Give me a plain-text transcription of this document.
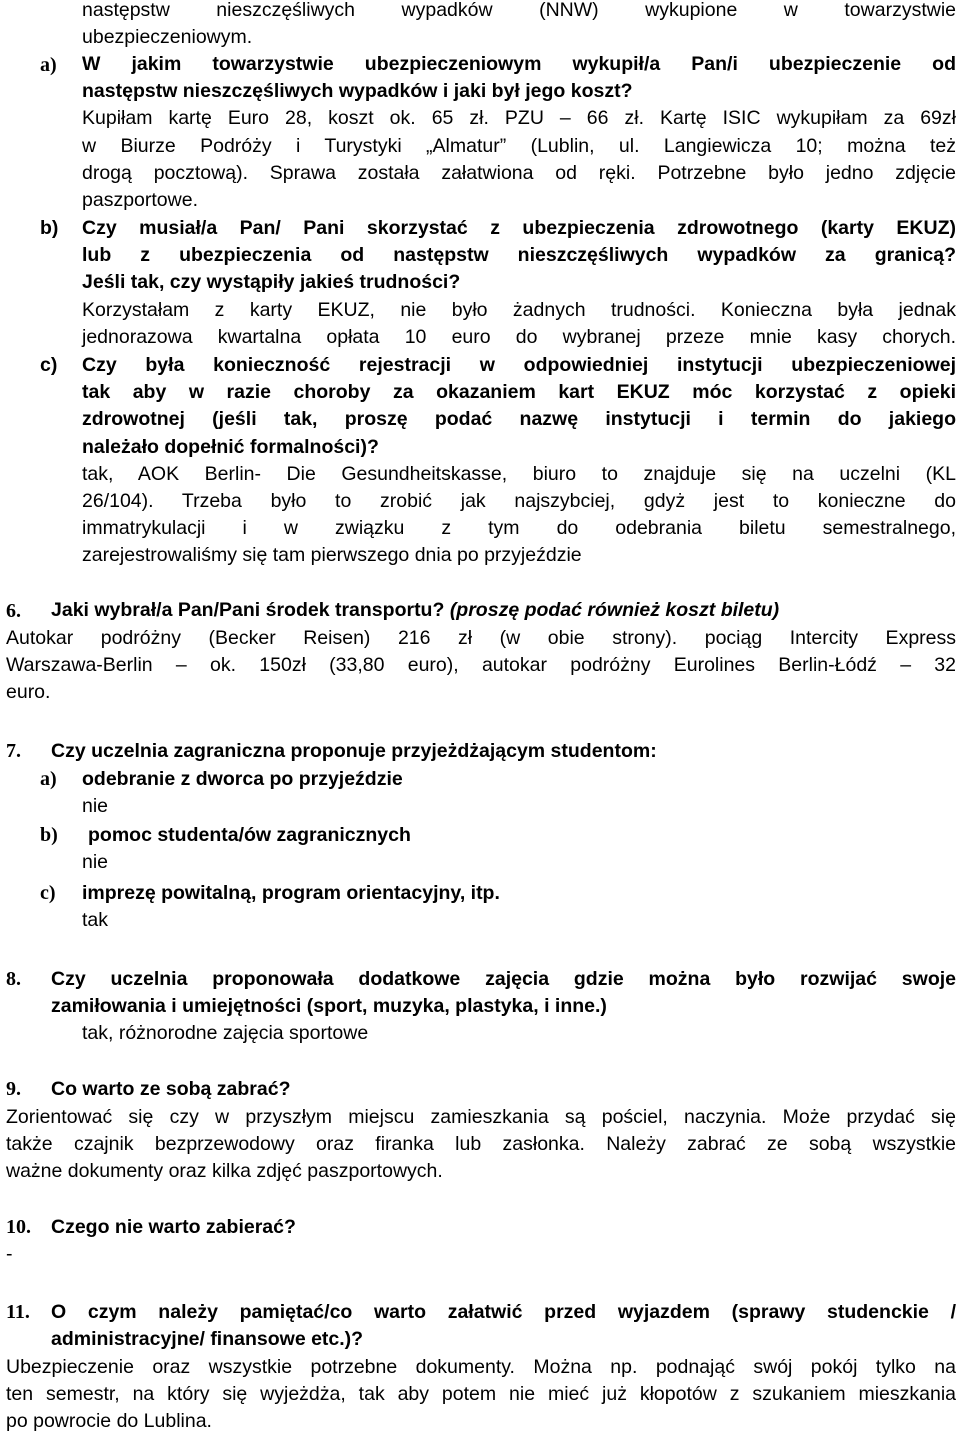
następstw nieszczęśliwych wypadków (NNW) wykupione w towarzystwie
ubezpieczeniowym.
a) W jakim towarzystwie ubezpieczeniowym wykupił/a Pan/i ubezpieczenie od
następstw nieszczęśliwych wypadków i jaki był jego koszt?
Kupiłam kartę Euro 28, koszt ok. 65 zł. PZU – 66 zł. Kartę ISIC wykupiłam za 69zł
w Biurze Podróży i Turystyki „Almatur” (Lublin, ul. Langiewicza 10; można też
drogą pocztową). Sprawa została załatwiona od ręki. Potrzebne było jedno zdjęcie
paszportowe.
b) Czy musiał/a Pan/ Pani skorzystać z ubezpieczenia zdrowotnego (karty EKUZ)
lub z ubezpieczenia od następstw nieszczęśliwych wypadków za granicą?
Jeśli tak, czy wystąpiły jakieś trudności?
Korzystałam z karty EKUZ, nie było żadnych trudności. Konieczna była jednak
jednorazowa kwartalna opłata 10 euro do wybranej przeze mnie kasy chorych.
c) Czy była konieczność rejestracji w odpowiedniej instytucji ubezpieczeniowej
tak aby w razie choroby za okazaniem kart EKUZ móc korzystać z opieki
zdrowotnej (jeśli tak, proszę podać nazwę instytucji i termin do jakiego
należało dopełnić formalności)?
tak, AOK Berlin- Die Gesundheitskasse, biuro to znajduje się na uczelni (KL
26/104). Trzeba było to zrobić jak najszybciej, gdyż jest to konieczne do
immatrykulacji i w związku z tym do odebrania biletu semestralnego,
zarejestrowaliśmy się tam pierwszego dnia po przyjeździe
6. Jaki wybrał/a Pan/Pani środek transportu? (proszę podać również koszt biletu)
Autokar podróżny (Becker Reisen) 216 zł (w obie strony). pociąg Intercity Express
Warszawa-Berlin – ok. 150zł (33,80 euro), autokar podróżny Eurolines Berlin-Łódź – 32
euro.
7. Czy uczelnia zagraniczna proponuje przyjeżdżającym studentom:
a) odebranie z dworca po przyjeździe
nie
b) pomoc studenta/ów zagranicznych
nie
c) imprezę powitalną, program orientacyjny, itp.
tak
8. Czy uczelnia proponowała dodatkowe zajęcia gdzie można było rozwijać swoje
zamiłowania i umiejętności (sport, muzyka, plastyka, i inne.)
tak, różnorodne zajęcia sportowe
9. Co warto ze sobą zabrać?
Zorientować się czy w przyszłym miejscu zamieszkania są pościel, naczynia. Może przydać się
także czajnik bezprzewodowy oraz firanka lub zasłonka. Należy zabrać ze sobą wszystkie
ważne dokumenty oraz kilka zdjęć paszportowych.
10. Czego nie warto zabierać?
-
11. O czym należy pamiętać/co warto załatwić przed wyjazdem (sprawy studenckie /
administracyjne/ finansowe etc.)?
Ubezpieczenie oraz wszystkie potrzebne dokumenty. Można np. podnająć swój pokój tylko na
ten semestr, na który się wyjeżdża, tak aby potem nie mieć już kłopotów z szukaniem mieszkania
po powrocie do Lublina.
